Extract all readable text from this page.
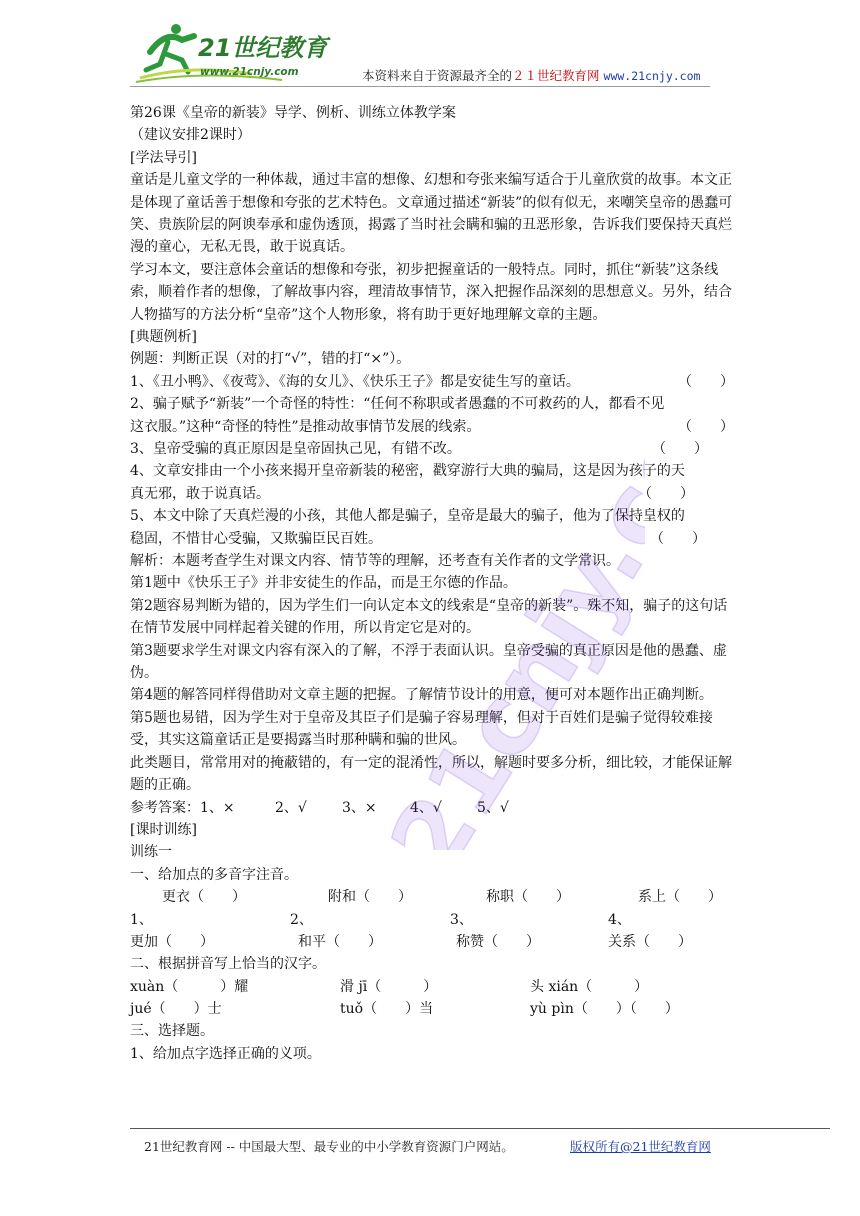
21世纪教育
www.21cnjy.com	本资料来自于资源最齐全的２１世纪教育网 www.21cnjy.com

第26课《皇帝的新装》导学、例析、训练立体教学案

（建议安排2课时）

[学法导引]

童话是儿童文学的一种体裁，通过丰富的想像、幻想和夸张来编写适合于儿童欣赏的故事。本文正是体现了童话善于想像和夸张的艺术特色。文章通过描述“新装”的似有似无，来嘲笑皇帝的愚蠢可笑、贵族阶层的阿谀奉承和虚伪透顶，揭露了当时社会瞒和骗的丑恶形象，告诉我们要保持天真烂漫的童心，无私无畏，敢于说真话。

学习本文，要注意体会童话的想像和夸张，初步把握童话的一般特点。同时，抓住“新装”这条线索，顺着作者的想像，了解故事内容，理清故事情节，深入把握作品深刻的思想意义。另外，结合人物描写的方法分析“皇帝”这个人物形象，将有助于更好地理解文章的主题。

[典题例析]

例题：判断正误（对的打“√”，错的打“×”）。

1、《丑小鸭》、《夜莺》、《海的女儿》、《快乐王子》都是安徒生写的童话。	（　　）

2、骗子赋予“新装”一个奇怪的特性：“任何不称职或者愚蠢的不可救药的人，都看不见

这衣服。”这种“奇怪的特性”是推动故事情节发展的线索。	（　　）
3、皇帝受骗的真正原因是皇帝固执己见，有错不改。	（　　）

4、文章安排由一个小孩来揭开皇帝新装的秘密，戳穿游行大典的骗局，这是因为孩子的天

真无邪，敢于说真话。	（　　）

5、本文中除了天真烂漫的小孩，其他人都是骗子，皇帝是最大的骗子，他为了保持皇权的

稳固，不惜甘心受骗，又欺骗臣民百姓。	（　　）

解析：本题考查学生对课文内容、情节等的理解，还考查有关作者的文学常识。

第1题中《快乐王子》并非安徒生的作品，而是王尔德的作品。

第2题容易判断为错的，因为学生们一向认定本文的线索是“皇帝的新装”。殊不知，骗子的这句话在情节发展中同样起着关键的作用，所以肯定它是对的。

第3题要求学生对课文内容有深入的了解，不浮于表面认识。皇帝受骗的真正原因是他的愚蠢、虚伪。

第4题的解答同样得借助对文章主题的把握。了解情节设计的用意，便可对本题作出正确判断。

第5题也易错，因为学生对于皇帝及其臣子们是骗子容易理解，但对于百姓们是骗子觉得较难接受，其实这篇童话正是要揭露当时那种瞒和骗的世风。

此类题目，常常用对的掩蔽错的，有一定的混淆性，所以，解题时要多分析，细比较，才能保证解题的正确。

参考答案： 1、×	2、√	3、× 4、√	5、√

[课时训练]

训练一

一、给加点的多音字注音。

更衣（　　）	附和（　　）	称职（　　）	系上（　　）
1、	2、	3、	4、
更加（　　）	和平（　　）	称赞（　　）	关系（　　）

二、根据拼音写上恰当的汉字。

xuàn（　　　）耀	滑 jī（　　　）	头 xián（　　　）
jué（　　）士	tuǒ（　　）当	yù pìn（　　）（　　）

三、选择题。

1、给加点字选择正确的义项。

21cnjy.com
21世纪教育网 -- 中国最大型、最专业的中小学教育资源门户网站。	版权所有@21世纪教育网
